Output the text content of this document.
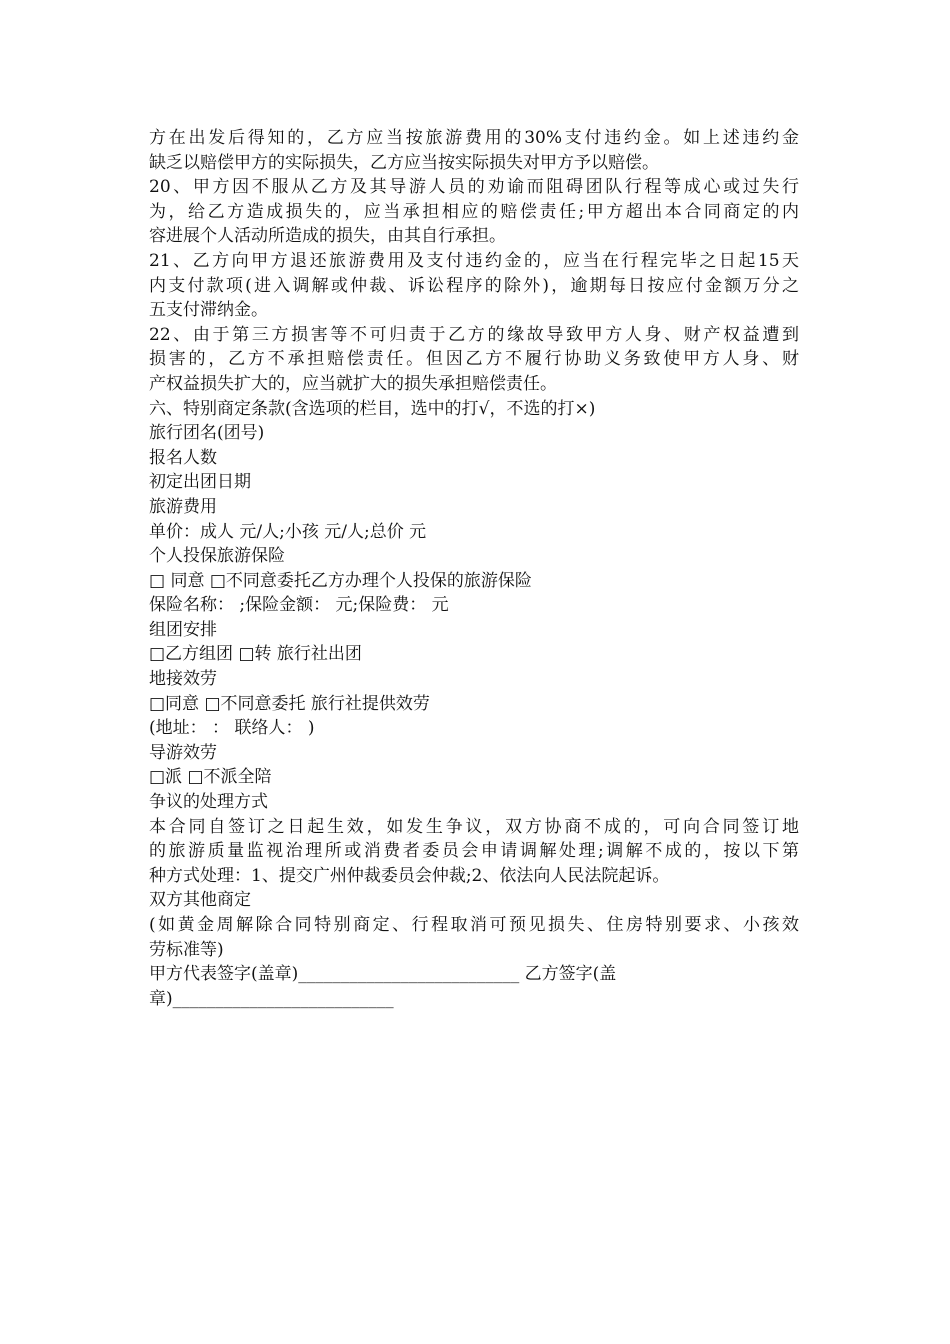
方在出发后得知的，乙方应当按旅游费用的30%支付违约金。如上述违约金
缺乏以赔偿甲方的实际损失，乙方应当按实际损失对甲方予以赔偿。
20、甲方因不服从乙方及其导游人员的劝谕而阻碍团队行程等成心或过失行
为，给乙方造成损失的，应当承担相应的赔偿责任;甲方超出本合同商定的内
容进展个人活动所造成的损失，由其自行承担。
21、乙方向甲方退还旅游费用及支付违约金的，应当在行程完毕之日起15天
内支付款项(进入调解或仲裁、诉讼程序的除外)，逾期每日按应付金额万分之
五支付滞纳金。
22、由于第三方损害等不可归责于乙方的缘故导致甲方人身、财产权益遭到
损害的，乙方不承担赔偿责任。但因乙方不履行协助义务致使甲方人身、财
产权益损失扩大的，应当就扩大的损失承担赔偿责任。
六、特别商定条款(含选项的栏目，选中的打√，不选的打×)
旅行团名(团号)
报名人数
初定出团日期
旅游费用
单价：成人 元/人;小孩 元/人;总价 元
个人投保旅游保险
□ 同意 □不同意委托乙方办理个人投保的旅游保险
保险名称： ;保险金额： 元;保险费： 元
组团安排
□乙方组团 □转 旅行社出团
地接效劳
□同意 □不同意委托 旅行社提供效劳
(地址： ： 联络人： )
导游效劳
□派 □不派全陪
争议的处理方式
本合同自签订之日起生效，如发生争议，双方协商不成的，可向合同签订地
的旅游质量监视治理所或消费者委员会申请调解处理;调解不成的，按以下第
种方式处理：1、提交广州仲裁委员会仲裁;2、依法向人民法院起诉。
双方其他商定
(如黄金周解除合同特别商定、行程取消可预见损失、住房特别要求、小孩效
劳标准等)
甲方代表签字(盖章)__________________________ 乙方签字(盖
章)__________________________
